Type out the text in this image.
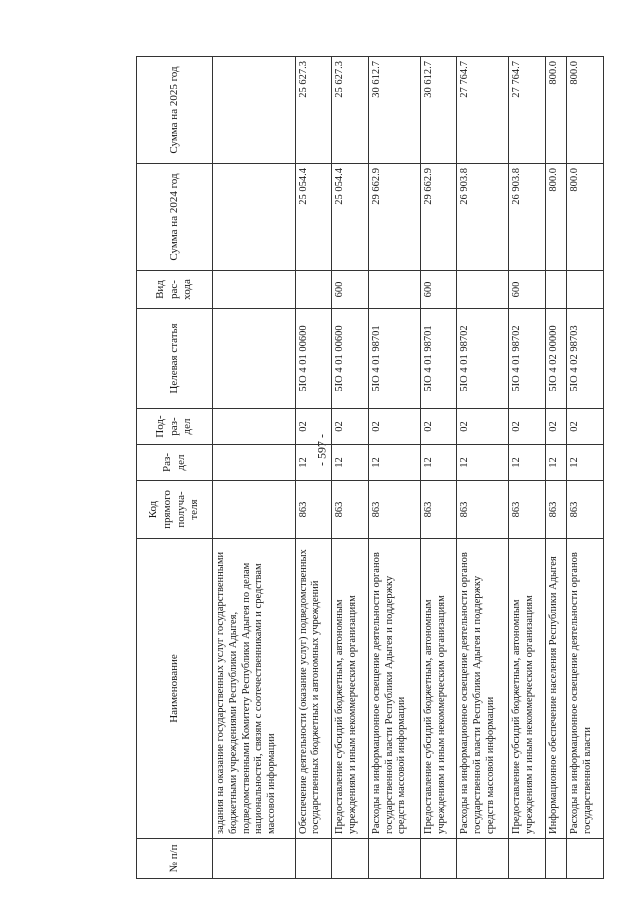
- 597 -
№ п/п	Наименование	Код прямого получа-теля	Раз-дел	Под-раз-дел	Целевая статья	Вид рас-хода	Сумма на 2024 год	Сумма на 2025 год
	задания на оказание государственных услуг государственными бюджетными учреждениями Республики Адыгея, подведомственными Комитету Республики Адыгея по делам национальностей, связям с соотечественниками и средствам массовой информации							
	Обеспечение деятельности (оказание услуг) подведомственных государственных бюджетных и автономных учреждений	863	12	02	5IO 4 01 00600		25 054.4	25 627.3
	Предоставление субсидий бюджетным, автономным учреждениям и иным некоммерческим организациям	863	12	02	5IO 4 01 00600	600	25 054.4	25 627.3
	Расходы на информационное освещение деятельности органов государственной власти Республики Адыгея и поддержку средств массовой информации	863	12	02	5IO 4 01 98701		29 662.9	30 612.7
	Предоставление субсидий бюджетным, автономным учреждениям и иным некоммерческим организациям	863	12	02	5IO 4 01 98701	600	29 662.9	30 612.7
	Расходы на информационное освещение деятельности органов государственной власти Республики Адыгея и поддержку средств массовой информации	863	12	02	5IO 4 01 98702		26 903.8	27 764.7
	Предоставление субсидий бюджетным, автономным учреждениям и иным некоммерческим организациям	863	12	02	5IO 4 01 98702	600	26 903.8	27 764.7
	Информационное обеспечение населения Республики Адыгея	863	12	02	5IO 4 02 00000		800.0	800.0
	Расходы на информационное освещение деятельности органов государственной власти	863	12	02	5IO 4 02 98703		800.0	800.0
